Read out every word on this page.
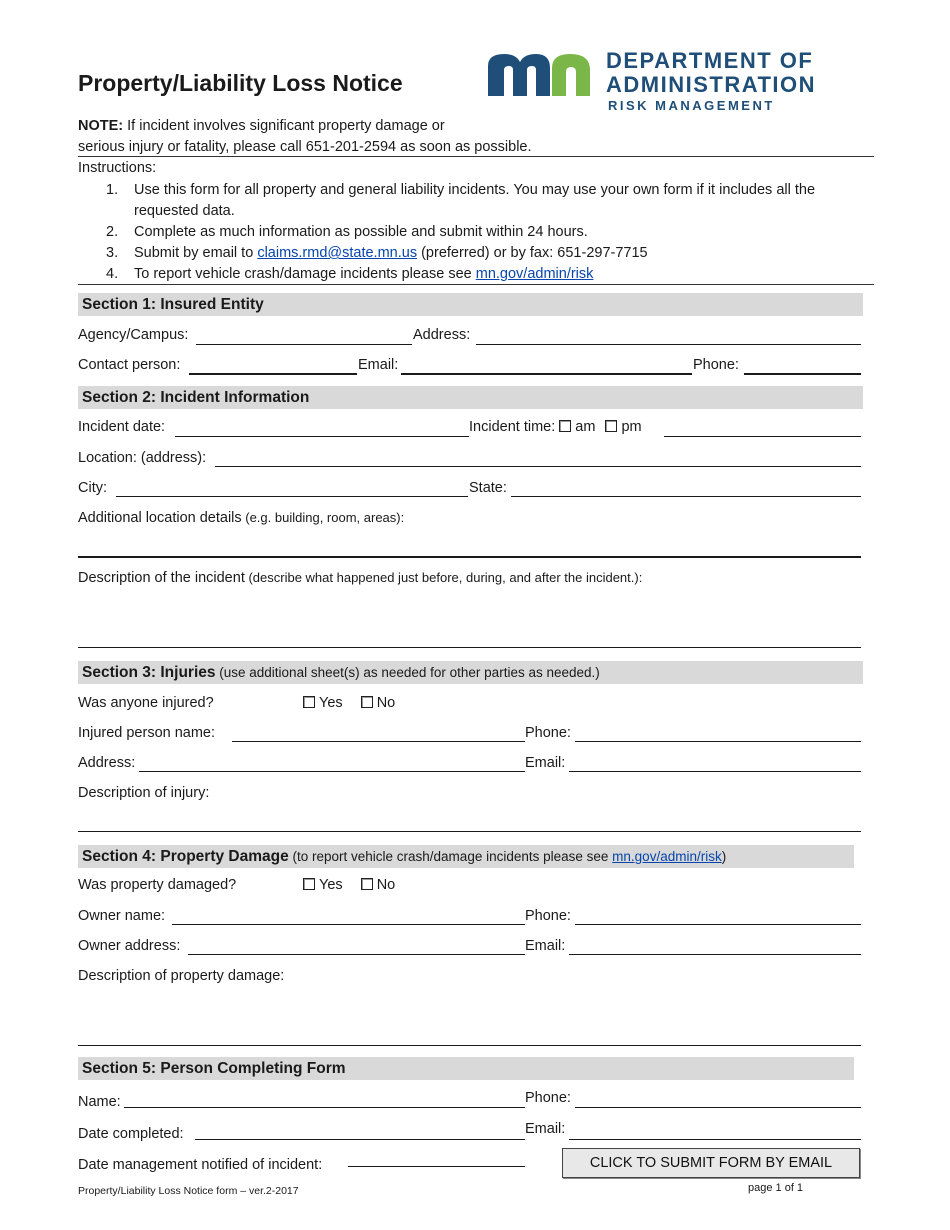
Property/Liability Loss Notice
DEPARTMENT OF
ADMINISTRATION
RISK MANAGEMENT
NOTE: If incident involves significant property damage or
serious injury or fatality, please call 651-201-2594 as soon as possible.
Instructions:
1. Use this form for all property and general liability incidents. You may use your own form if it includes all the requested data.
2. Complete as much information as possible and submit within 24 hours.
3. Submit by email to claims.rmd@state.mn.us (preferred) or by fax: 651-297-7715
4. To report vehicle crash/damage incidents please see mn.gov/admin/risk
Section 1: Insured Entity
Agency/Campus:	Address:
Contact person:	Email:	Phone:
Section 2: Incident Information
Incident date:	Incident time: am pm
Location: (address):
City:	State:
Additional location details (e.g. building, room, areas):
Description of the incident (describe what happened just before, during, and after the incident.):
Section 3: Injuries (use additional sheet(s) as needed for other parties as needed.)
Was anyone injured?	Yes No
Injured person name:	Phone:
Address:	Email:
Description of injury:
Section 4: Property Damage (to report vehicle crash/damage incidents please see mn.gov/admin/risk)
Was property damaged?	Yes No
Owner name:	Phone:
Owner address:	Email:
Description of property damage:
Section 5: Person Completing Form
Name:	Phone:
Date completed:	Email:
Date management notified of incident:	CLICK TO SUBMIT FORM BY EMAIL
Property/Liability Loss Notice form – ver.2-2017	page 1 of 1
